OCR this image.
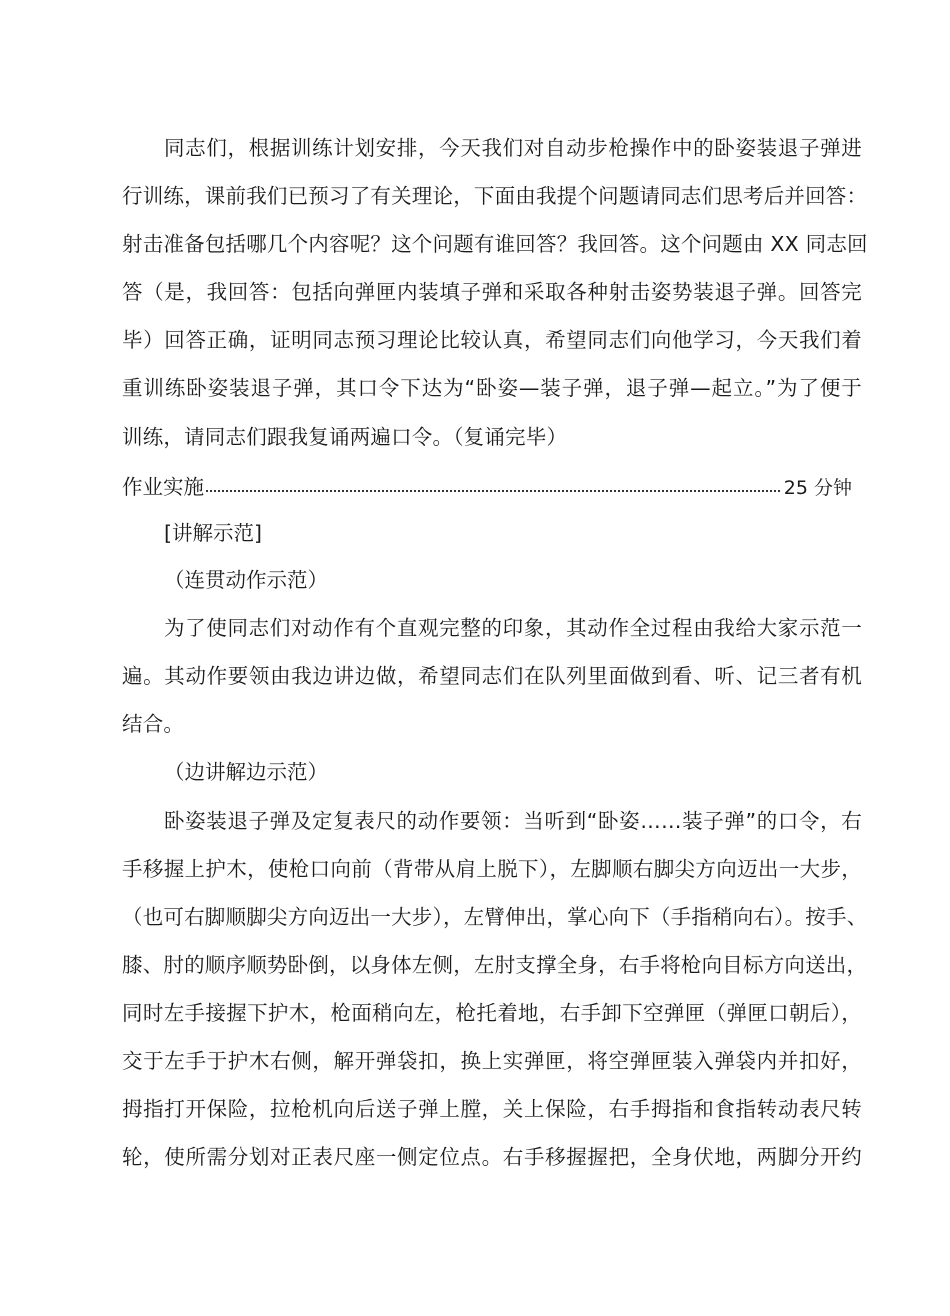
同志们，根据训练计划安排，今天我们对自动步枪操作中的卧姿装退子弹进
行训练，课前我们已预习了有关理论，下面由我提个问题请同志们思考后并回答：
射击准备包括哪几个内容呢？这个问题有谁回答？我回答。这个问题由 XX 同志回
答（是，我回答：包括向弹匣内装填子弹和采取各种射击姿势装退子弹。回答完
毕）回答正确，证明同志预习理论比较认真，希望同志们向他学习，今天我们着
重训练卧姿装退子弹，其口令下达为“卧姿—装子弹，退子弹—起立。”为了便于
训练，请同志们跟我复诵两遍口令。（复诵完毕）
作业实施	25 分钟
[讲解示范]
（连贯动作示范）
为了使同志们对动作有个直观完整的印象，其动作全过程由我给大家示范一
遍。其动作要领由我边讲边做，希望同志们在队列里面做到看、听、记三者有机
结合。
（边讲解边示范）
卧姿装退子弹及定复表尺的动作要领：当听到“卧姿……装子弹”的口令，右
手移握上护木，使枪口向前（背带从肩上脱下），左脚顺右脚尖方向迈出一大步，
（也可右脚顺脚尖方向迈出一大步），左臂伸出，掌心向下（手指稍向右）。按手、
膝、肘的顺序顺势卧倒，以身体左侧，左肘支撑全身，右手将枪向目标方向送出，
同时左手接握下护木，枪面稍向左，枪托着地，右手卸下空弹匣（弹匣口朝后），
交于左手于护木右侧，解开弹袋扣，换上实弹匣，将空弹匣装入弹袋内并扣好，
拇指打开保险，拉枪机向后送子弹上膛，关上保险，右手拇指和食指转动表尺转
轮，使所需分划对正表尺座一侧定位点。右手移握握把，全身伏地，两脚分开约
